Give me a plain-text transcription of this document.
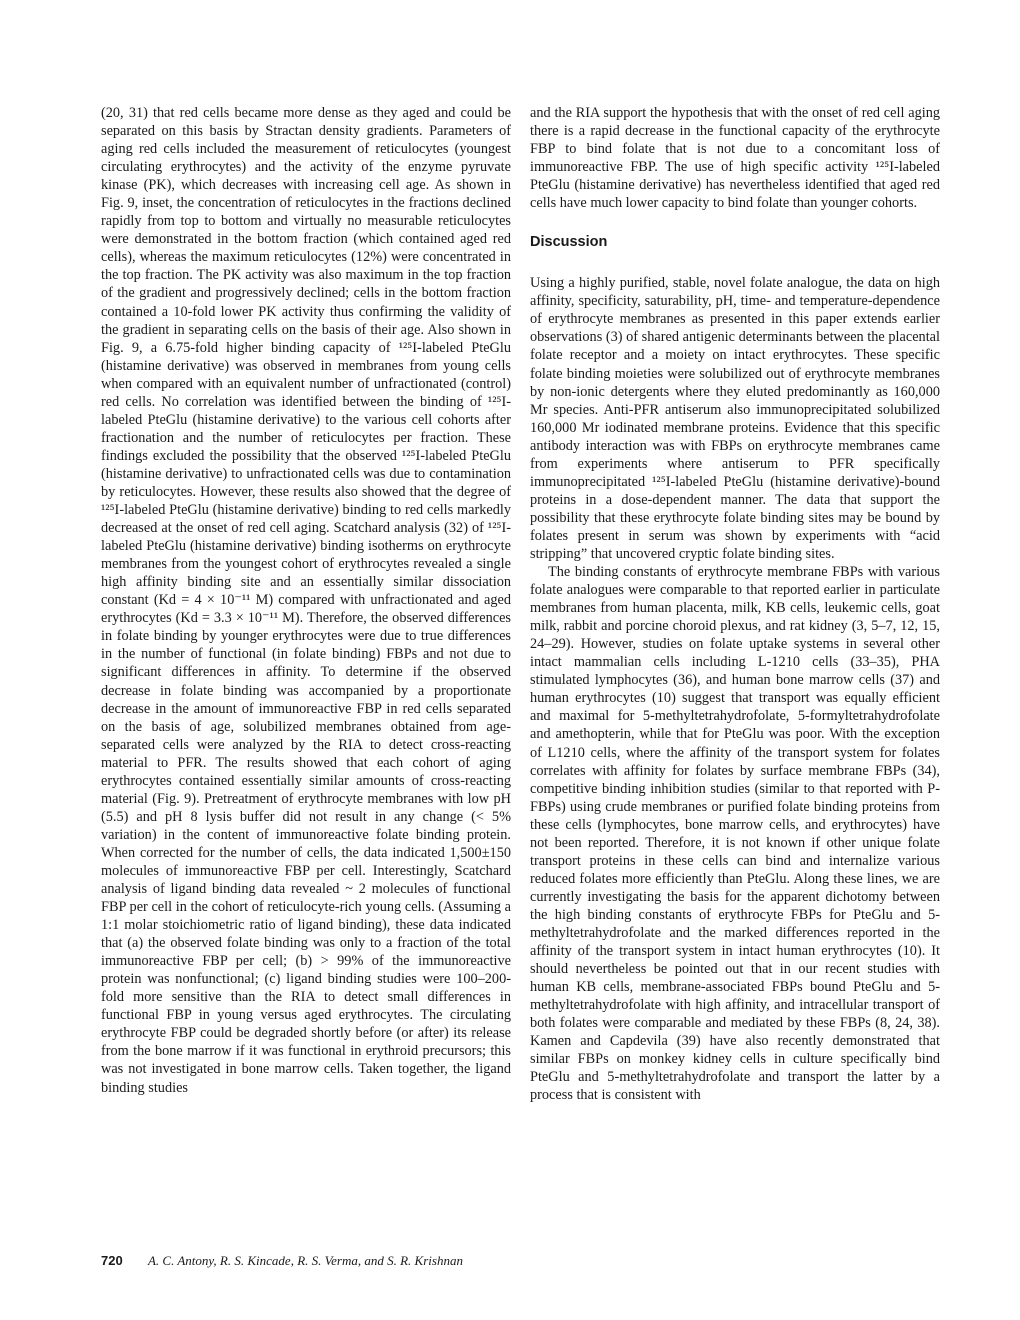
(20, 31) that red cells became more dense as they aged and could be separated on this basis by Stractan density gradients. Parameters of aging red cells included the measurement of reticulocytes (youngest circulating erythrocytes) and the activity of the enzyme pyruvate kinase (PK), which decreases with increasing cell age. As shown in Fig. 9, inset, the concentration of reticulocytes in the fractions declined rapidly from top to bottom and virtually no measurable reticulocytes were demonstrated in the bottom fraction (which contained aged red cells), whereas the maximum reticulocytes (12%) were concentrated in the top fraction. The PK activity was also maximum in the top fraction of the gradient and progressively declined; cells in the bottom fraction contained a 10-fold lower PK activity thus confirming the validity of the gradient in separating cells on the basis of their age. Also shown in Fig. 9, a 6.75-fold higher binding capacity of ¹²⁵I-labeled PteGlu (histamine derivative) was observed in membranes from young cells when compared with an equivalent number of unfractionated (control) red cells. No correlation was identified between the binding of ¹²⁵I-labeled PteGlu (histamine derivative) to the various cell cohorts after fractionation and the number of reticulocytes per fraction. These findings excluded the possibility that the observed ¹²⁵I-labeled PteGlu (histamine derivative) to unfractionated cells was due to contamination by reticulocytes. However, these results also showed that the degree of ¹²⁵I-labeled PteGlu (histamine derivative) binding to red cells markedly decreased at the onset of red cell aging. Scatchard analysis (32) of ¹²⁵I-labeled PteGlu (histamine derivative) binding isotherms on erythrocyte membranes from the youngest cohort of erythrocytes revealed a single high affinity binding site and an essentially similar dissociation constant (Kd = 4 × 10⁻¹¹ M) compared with unfractionated and aged erythrocytes (Kd = 3.3 × 10⁻¹¹ M). Therefore, the observed differences in folate binding by younger erythrocytes were due to true differences in the number of functional (in folate binding) FBPs and not due to significant differences in affinity. To determine if the observed decrease in folate binding was accompanied by a proportionate decrease in the amount of immunoreactive FBP in red cells separated on the basis of age, solubilized membranes obtained from age-separated cells were analyzed by the RIA to detect cross-reacting material to PFR. The results showed that each cohort of aging erythrocytes contained essentially similar amounts of cross-reacting material (Fig. 9). Pretreatment of erythrocyte membranes with low pH (5.5) and pH 8 lysis buffer did not result in any change (< 5% variation) in the content of immunoreactive folate binding protein. When corrected for the number of cells, the data indicated 1,500±150 molecules of immunoreactive FBP per cell. Interestingly, Scatchard analysis of ligand binding data revealed ~ 2 molecules of functional FBP per cell in the cohort of reticulocyte-rich young cells. (Assuming a 1:1 molar stoichiometric ratio of ligand binding), these data indicated that (a) the observed folate binding was only to a fraction of the total immunoreactive FBP per cell; (b) > 99% of the immunoreactive protein was nonfunctional; (c) ligand binding studies were 100–200-fold more sensitive than the RIA to detect small differences in functional FBP in young versus aged erythrocytes. The circulating erythrocyte FBP could be degraded shortly before (or after) its release from the bone marrow if it was functional in erythroid precursors; this was not investigated in bone marrow cells. Taken together, the ligand binding studies

and the RIA support the hypothesis that with the onset of red cell aging there is a rapid decrease in the functional capacity of the erythrocyte FBP to bind folate that is not due to a concomitant loss of immunoreactive FBP. The use of high specific activity ¹²⁵I-labeled PteGlu (histamine derivative) has nevertheless identified that aged red cells have much lower capacity to bind folate than younger cohorts.

Discussion

Using a highly purified, stable, novel folate analogue, the data on high affinity, specificity, saturability, pH, time- and temperature-dependence of erythrocyte membranes as presented in this paper extends earlier observations (3) of shared antigenic determinants between the placental folate receptor and a moiety on intact erythrocytes. These specific folate binding moieties were solubilized out of erythrocyte membranes by non-ionic detergents where they eluted predominantly as 160,000 Mr species. Anti-PFR antiserum also immunoprecipitated solubilized 160,000 Mr iodinated membrane proteins. Evidence that this specific antibody interaction was with FBPs on erythrocyte membranes came from experiments where antiserum to PFR specifically immunoprecipitated ¹²⁵I-labeled PteGlu (histamine derivative)-bound proteins in a dose-dependent manner. The data that support the possibility that these erythrocyte folate binding sites may be bound by folates present in serum was shown by experiments with “acid stripping” that uncovered cryptic folate binding sites.

The binding constants of erythrocyte membrane FBPs with various folate analogues were comparable to that reported earlier in particulate membranes from human placenta, milk, KB cells, leukemic cells, goat milk, rabbit and porcine choroid plexus, and rat kidney (3, 5–7, 12, 15, 24–29). However, studies on folate uptake systems in several other intact mammalian cells including L-1210 cells (33–35), PHA stimulated lymphocytes (36), and human bone marrow cells (37) and human erythrocytes (10) suggest that transport was equally efficient and maximal for 5-methyltetrahydrofolate, 5-formyltetrahydrofolate and amethopterin, while that for PteGlu was poor. With the exception of L1210 cells, where the affinity of the transport system for folates correlates with affinity for folates by surface membrane FBPs (34), competitive binding inhibition studies (similar to that reported with P-FBPs) using crude membranes or purified folate binding proteins from these cells (lymphocytes, bone marrow cells, and erythrocytes) have not been reported. Therefore, it is not known if other unique folate transport proteins in these cells can bind and internalize various reduced folates more efficiently than PteGlu. Along these lines, we are currently investigating the basis for the apparent dichotomy between the high binding constants of erythrocyte FBPs for PteGlu and 5-methyltetrahydrofolate and the marked differences reported in the affinity of the transport system in intact human erythrocytes (10). It should nevertheless be pointed out that in our recent studies with human KB cells, membrane-associated FBPs bound PteGlu and 5-methyltetrahydrofolate with high affinity, and intracellular transport of both folates were comparable and mediated by these FBPs (8, 24, 38). Kamen and Capdevila (39) have also recently demonstrated that similar FBPs on monkey kidney cells in culture specifically bind PteGlu and 5-methyltetrahydrofolate and transport the latter by a process that is consistent with

720 A. C. Antony, R. S. Kincade, R. S. Verma, and S. R. Krishnan
